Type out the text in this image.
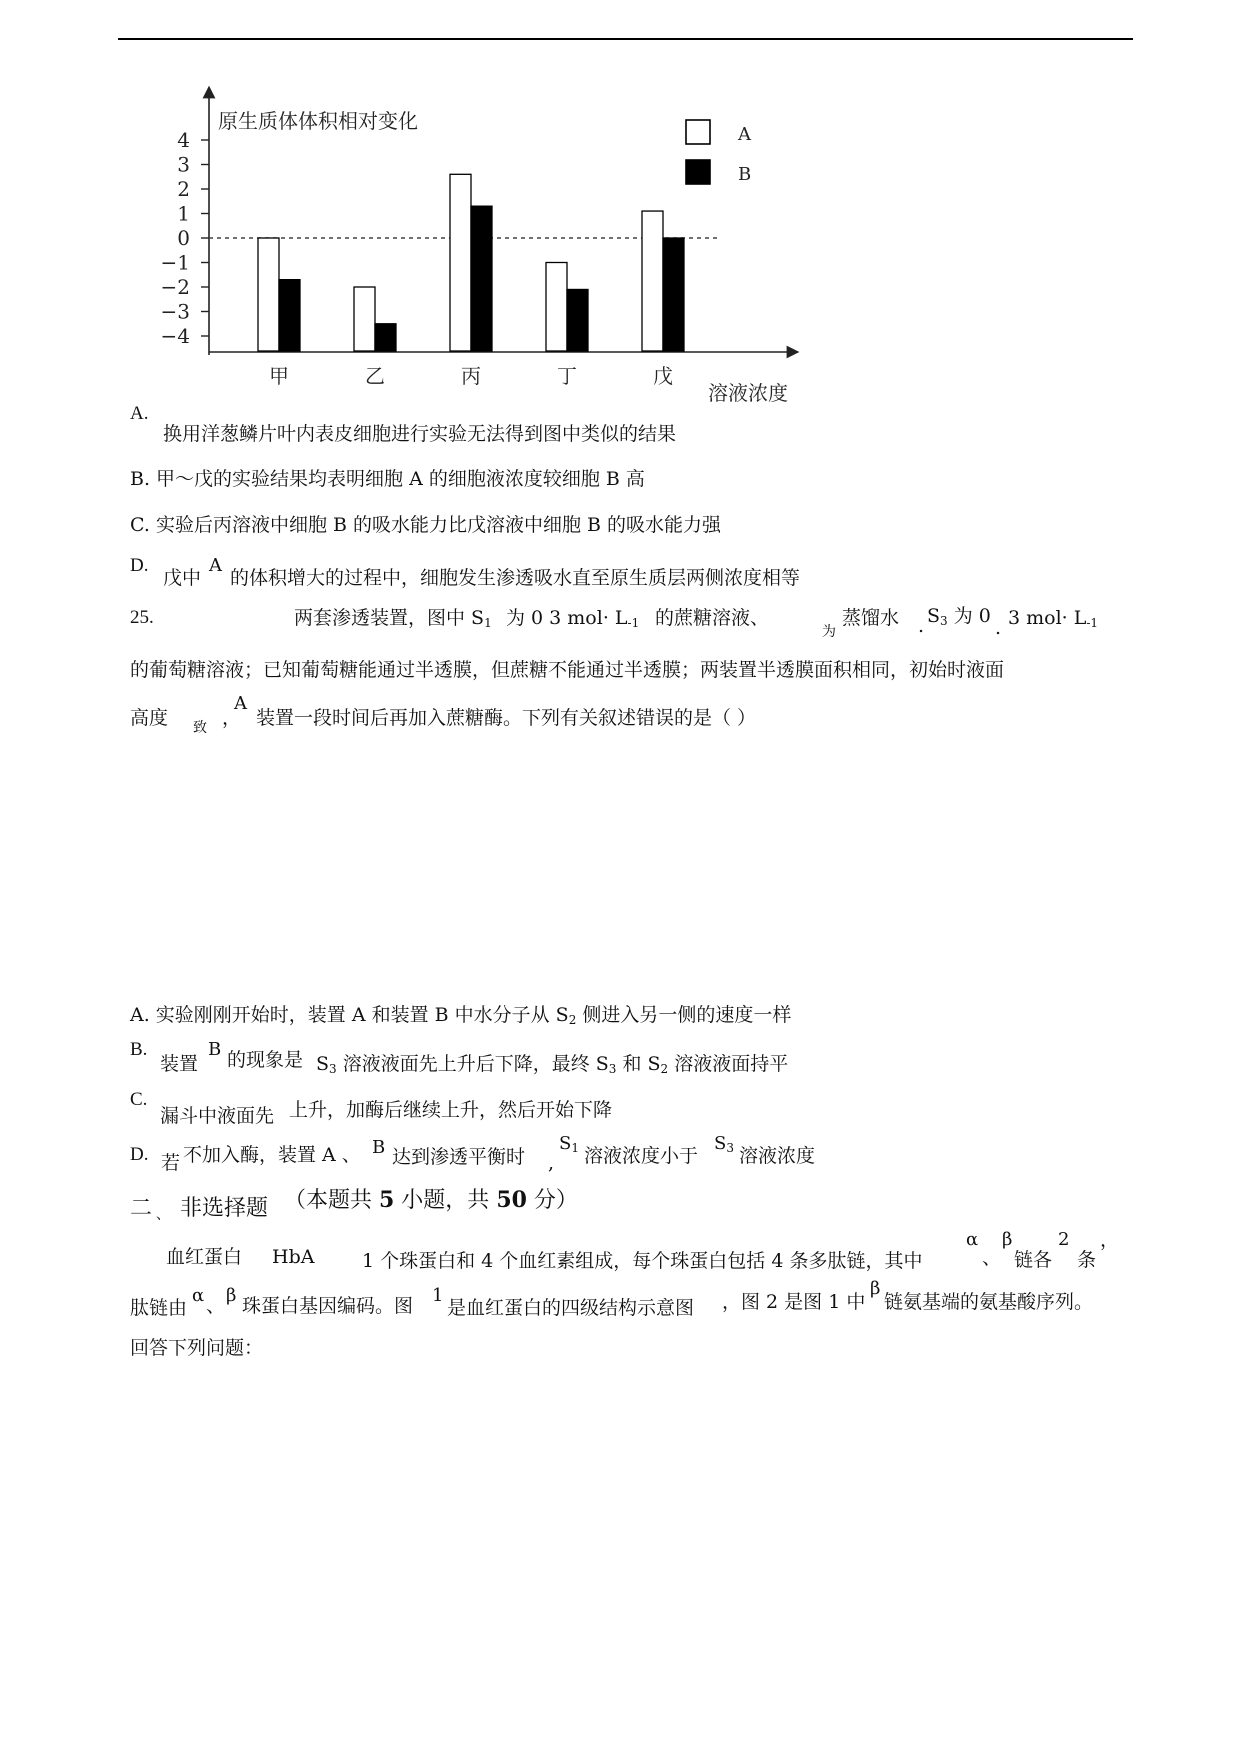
4
3
2
1
0
−1
−2
−3
−4
甲	乙	丙	丁	戊
原生质体体积相对变化
溶液浓度
A
B
A.
换用洋葱鳞片叶内表皮细胞进行实验无法得到图中类似的结果
B. 甲～戊的实验结果均表明细胞 A 的细胞液浓度较细胞 B 高
C. 实验后丙溶液中细胞 B 的吸水能力比戊溶液中细胞 B 的吸水能力强
D.
戊中
A
的体积增大的过程中，细胞发生渗透吸水直至原生质层两侧浓度相等
25.	两套渗透装置，图中 $S_1$ 为 0 3 $mol\cdot L_{-1}$ 的蔗糖溶液、
为
蒸馏水 . $S_3$ 为 0
. 3 $mol\cdot L_{-1}$
的葡萄糖溶液；已知葡萄糖能通过半透膜，但蔗糖不能通过半透膜；两装置半透膜面积相同，初始时液面
高度 致 ，
A
装置一段时间后再加入蔗糖酶。下列有关叙述错误的是（ ）
A. 实验刚刚开始时，装置 A 和装置 B 中水分子从 $S_2$ 侧进入另一侧的速度一样
B.
装置
B 的现象是 $S_3$ 溶液液面先上升后下降，最终 $S_3$ 和 $S_2$ 溶液液面持平
C.
漏斗中液面先 上升，加酶后继续上升，然后开始下降
D. 若 不加入酶，装置 A 、 B 达到渗透平衡时 ,
$S_1$ 溶液浓度小于
$S_3$ 溶液浓度
二 、 非选择题 （本题共 5 小题，共 50 分）
血红蛋白 HbA	1 个珠蛋白和 4 个血红素组成，每个珠蛋白包括 4 条多肽链，其中
α
、
β
链各
2
条
，
肽链由
α 、 β 珠蛋白基因编码。图 1
是血红蛋白的四级结构示意图 ，图 2 是图 1 中
β
链氨基端的氨基酸序列。
回答下列问题：
